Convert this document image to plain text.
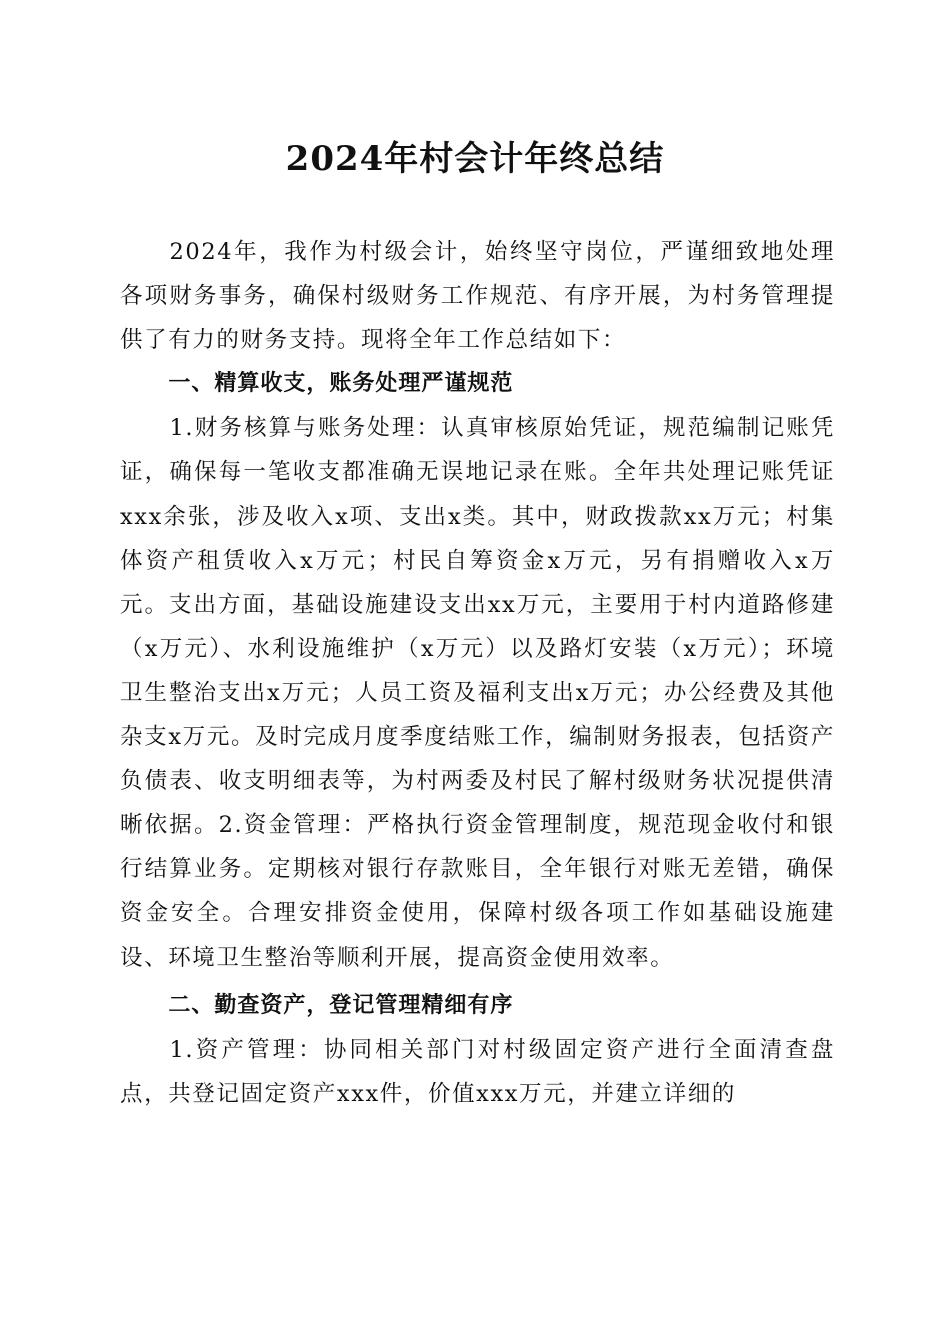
2024年村会计年终总结

2024年，我作为村级会计，始终坚守岗位，严谨细致地处理各项财务事务，确保村级财务工作规范、有序开展，为村务管理提供了有力的财务支持。现将全年工作总结如下：

一、精算收支，账务处理严谨规范

1.财务核算与账务处理：认真审核原始凭证，规范编制记账凭证，确保每一笔收支都准确无误地记录在账。全年共处理记账凭证xxx余张，涉及收入x项、支出x类。其中，财政拨款xx万元；村集体资产租赁收入x万元；村民自筹资金x万元，另有捐赠收入x万元。支出方面，基础设施建设支出xx万元，主要用于村内道路修建（x万元）、水利设施维护（x万元）以及路灯安装（x万元）；环境卫生整治支出x万元；人员工资及福利支出x万元；办公经费及其他杂支x万元。及时完成月度季度结账工作，编制财务报表，包括资产负债表、收支明细表等，为村两委及村民了解村级财务状况提供清晰依据。2.资金管理：严格执行资金管理制度，规范现金收付和银行结算业务。定期核对银行存款账目，全年银行对账无差错，确保资金安全。合理安排资金使用，保障村级各项工作如基础设施建设、环境卫生整治等顺利开展，提高资金使用效率。

二、勤查资产，登记管理精细有序

1.资产管理：协同相关部门对村级固定资产进行全面清查盘点，共登记固定资产xxx件，价值xxx万元，并建立详细的
